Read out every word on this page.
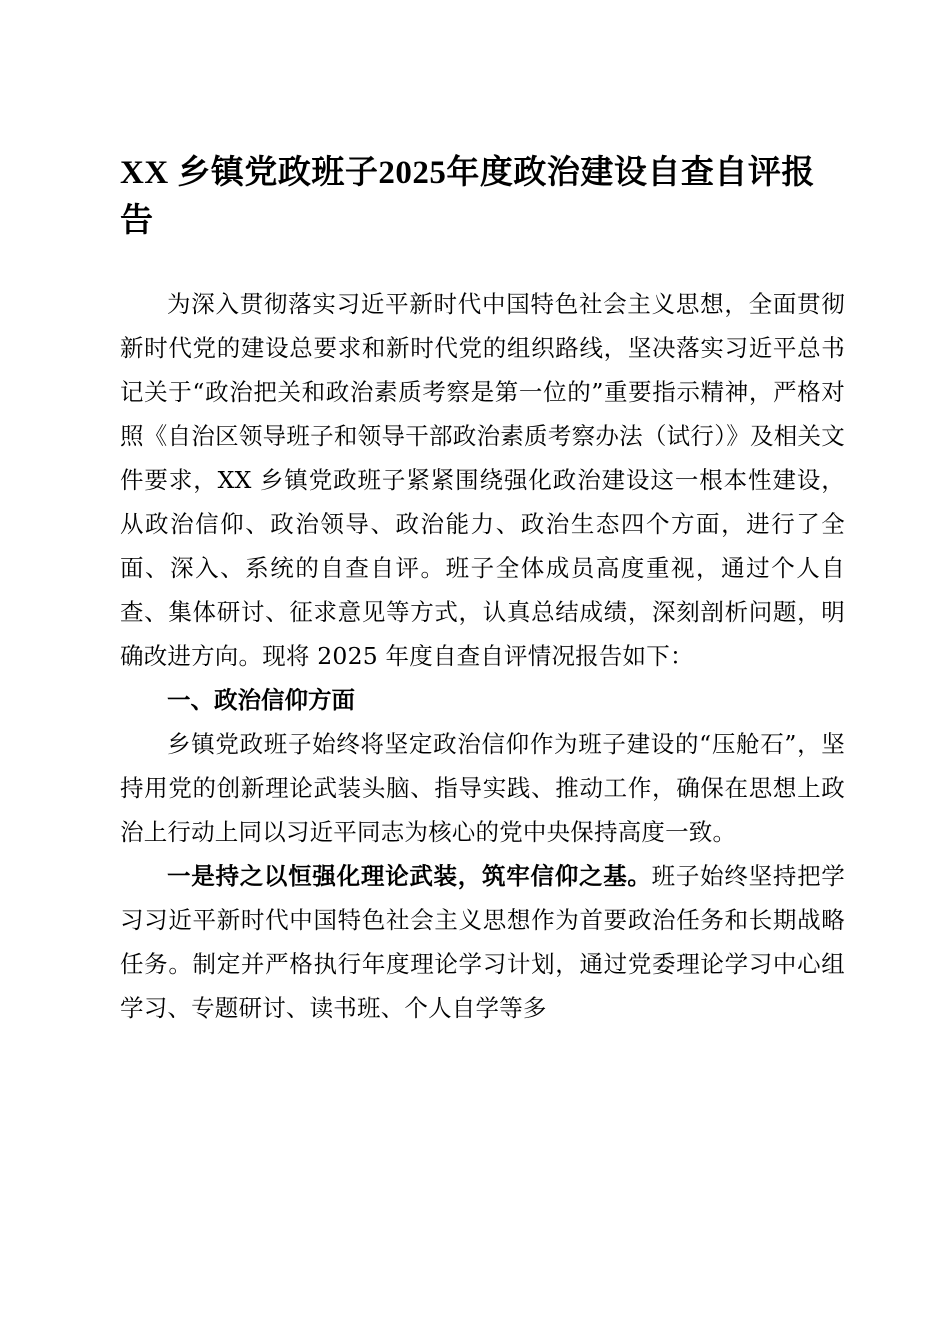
XX 乡镇党政班子2025年度政治建设自查自评报告

为深入贯彻落实习近平新时代中国特色社会主义思想，全面贯彻新时代党的建设总要求和新时代党的组织路线，坚决落实习近平总书记关于“政治把关和政治素质考察是第一位的”重要指示精神，严格对照《自治区领导班子和领导干部政治素质考察办法（试行）》及相关文件要求，XX 乡镇党政班子紧紧围绕强化政治建设这一根本性建设，从政治信仰、政治领导、政治能力、政治生态四个方面，进行了全面、深入、系统的自查自评。班子全体成员高度重视，通过个人自查、集体研讨、征求意见等方式，认真总结成绩，深刻剖析问题，明确改进方向。现将 2025 年度自查自评情况报告如下：

一、政治信仰方面

乡镇党政班子始终将坚定政治信仰作为班子建设的“压舱石”，坚持用党的创新理论武装头脑、指导实践、推动工作，确保在思想上政治上行动上同以习近平同志为核心的党中央保持高度一致。

一是持之以恒强化理论武装，筑牢信仰之基。班子始终坚持把学习习近平新时代中国特色社会主义思想作为首要政治任务和长期战略任务。制定并严格执行年度理论学习计划，通过党委理论学习中心组学习、专题研讨、读书班、个人自学等多
